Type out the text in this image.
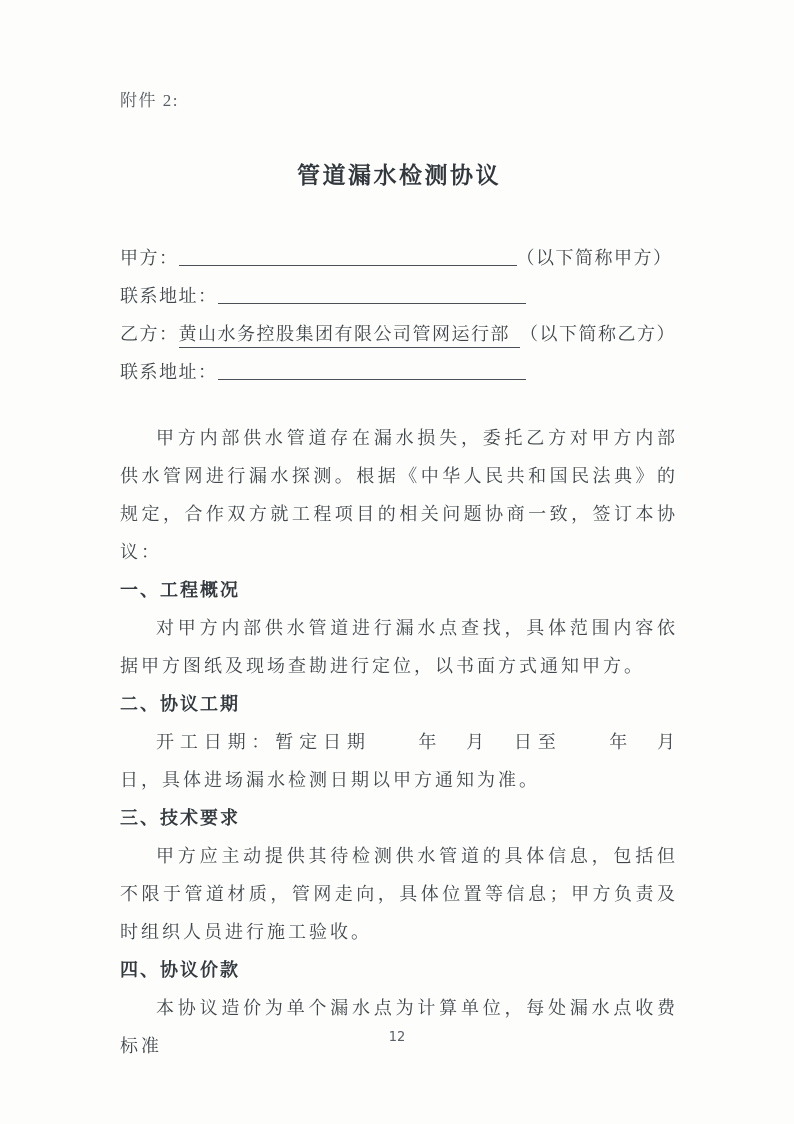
附件 2:
管道漏水检测协议
甲方：	（以下简称甲方）
联系地址：
乙方：黄山水务控股集团有限公司管网运行部 （以下简称乙方）
联系地址：

甲方内部供水管道存在漏水损失，委托乙方对甲方内部供水管网进行漏水探测。根据《中华人民共和国民法典》的规定，合作双方就工程项目的相关问题协商一致，签订本协议：

一、工程概况

对甲方内部供水管道进行漏水点查找，具体范围内容依据甲方图纸及现场查勘进行定位，以书面方式通知甲方。

二、协议工期

开工日期：暂定日期　　年　月　日至　　年　月　日，具体进场漏水检测日期以甲方通知为准。

三、技术要求

甲方应主动提供其待检测供水管道的具体信息，包括但不限于管道材质，管网走向，具体位置等信息；甲方负责及时组织人员进行施工验收。

四、协议价款

本协议造价为单个漏水点为计算单位，每处漏水点收费标准	12
